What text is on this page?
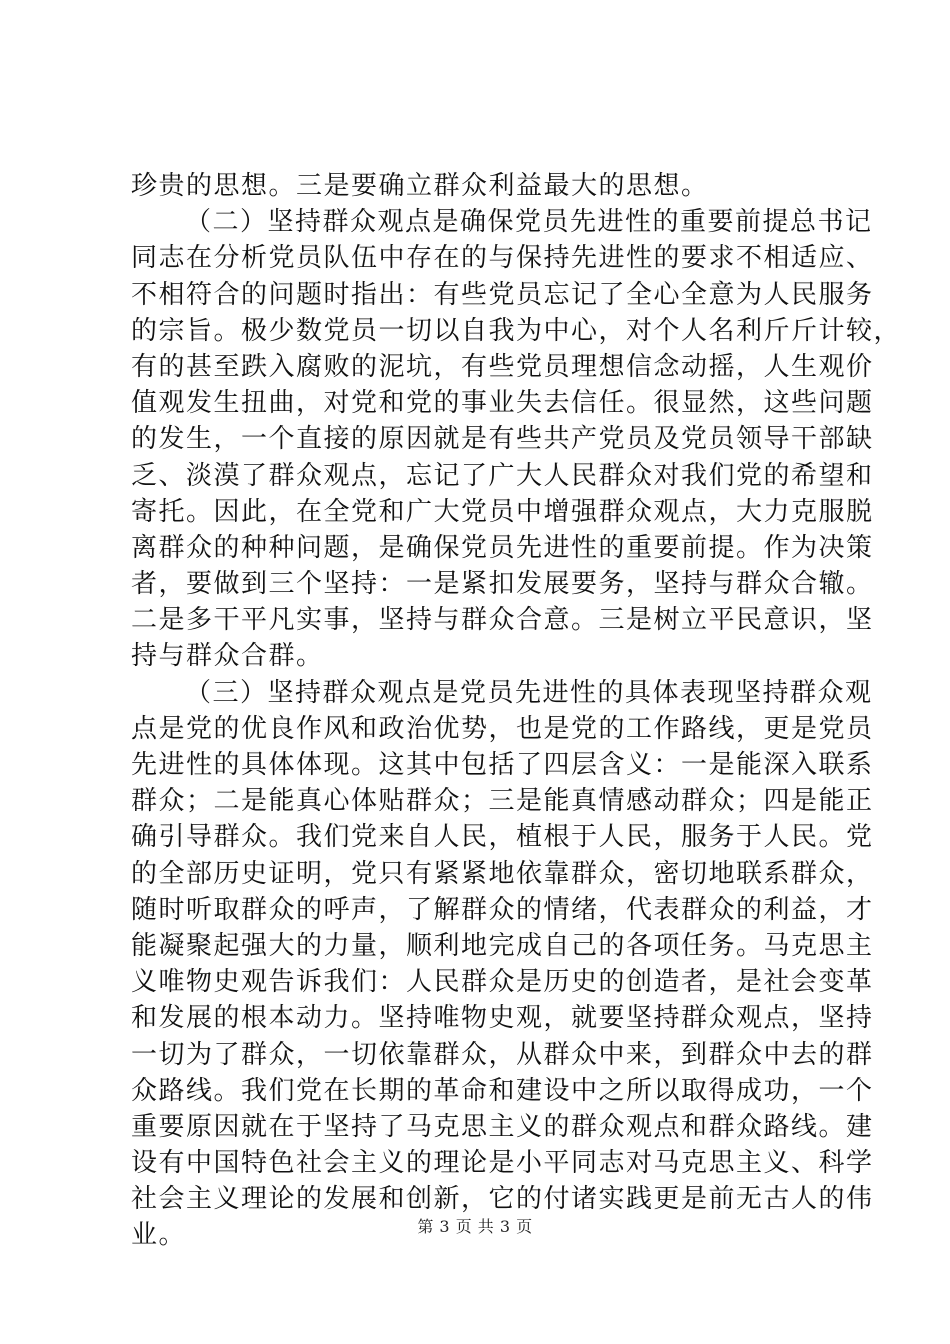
珍贵的思想。三是要确立群众利益最大的思想。
（二）坚持群众观点是确保党员先进性的重要前提总书记
同志在分析党员队伍中存在的与保持先进性的要求不相适应、
不相符合的问题时指出：有些党员忘记了全心全意为人民服务
的宗旨。极少数党员一切以自我为中心，对个人名利斤斤计较，
有的甚至跌入腐败的泥坑，有些党员理想信念动摇，人生观价
值观发生扭曲，对党和党的事业失去信任。很显然，这些问题
的发生，一个直接的原因就是有些共产党员及党员领导干部缺
乏、淡漠了群众观点，忘记了广大人民群众对我们党的希望和
寄托。因此，在全党和广大党员中增强群众观点，大力克服脱
离群众的种种问题，是确保党员先进性的重要前提。作为决策
者，要做到三个坚持：一是紧扣发展要务，坚持与群众合辙。
二是多干平凡实事，坚持与群众合意。三是树立平民意识，坚
持与群众合群。
（三）坚持群众观点是党员先进性的具体表现坚持群众观
点是党的优良作风和政治优势，也是党的工作路线，更是党员
先进性的具体体现。这其中包括了四层含义：一是能深入联系
群众；二是能真心体贴群众；三是能真情感动群众；四是能正
确引导群众。我们党来自人民，植根于人民，服务于人民。党
的全部历史证明，党只有紧紧地依靠群众，密切地联系群众，
随时听取群众的呼声，了解群众的情绪，代表群众的利益，才
能凝聚起强大的力量，顺利地完成自己的各项任务。马克思主
义唯物史观告诉我们：人民群众是历史的创造者，是社会变革
和发展的根本动力。坚持唯物史观，就要坚持群众观点，坚持
一切为了群众，一切依靠群众，从群众中来，到群众中去的群
众路线。我们党在长期的革命和建设中之所以取得成功，一个
重要原因就在于坚持了马克思主义的群众观点和群众路线。建
设有中国特色社会主义的理论是小平同志对马克思主义、科学
社会主义理论的发展和创新，它的付诸实践更是前无古人的伟
业。	第 3 页 共 3 页
